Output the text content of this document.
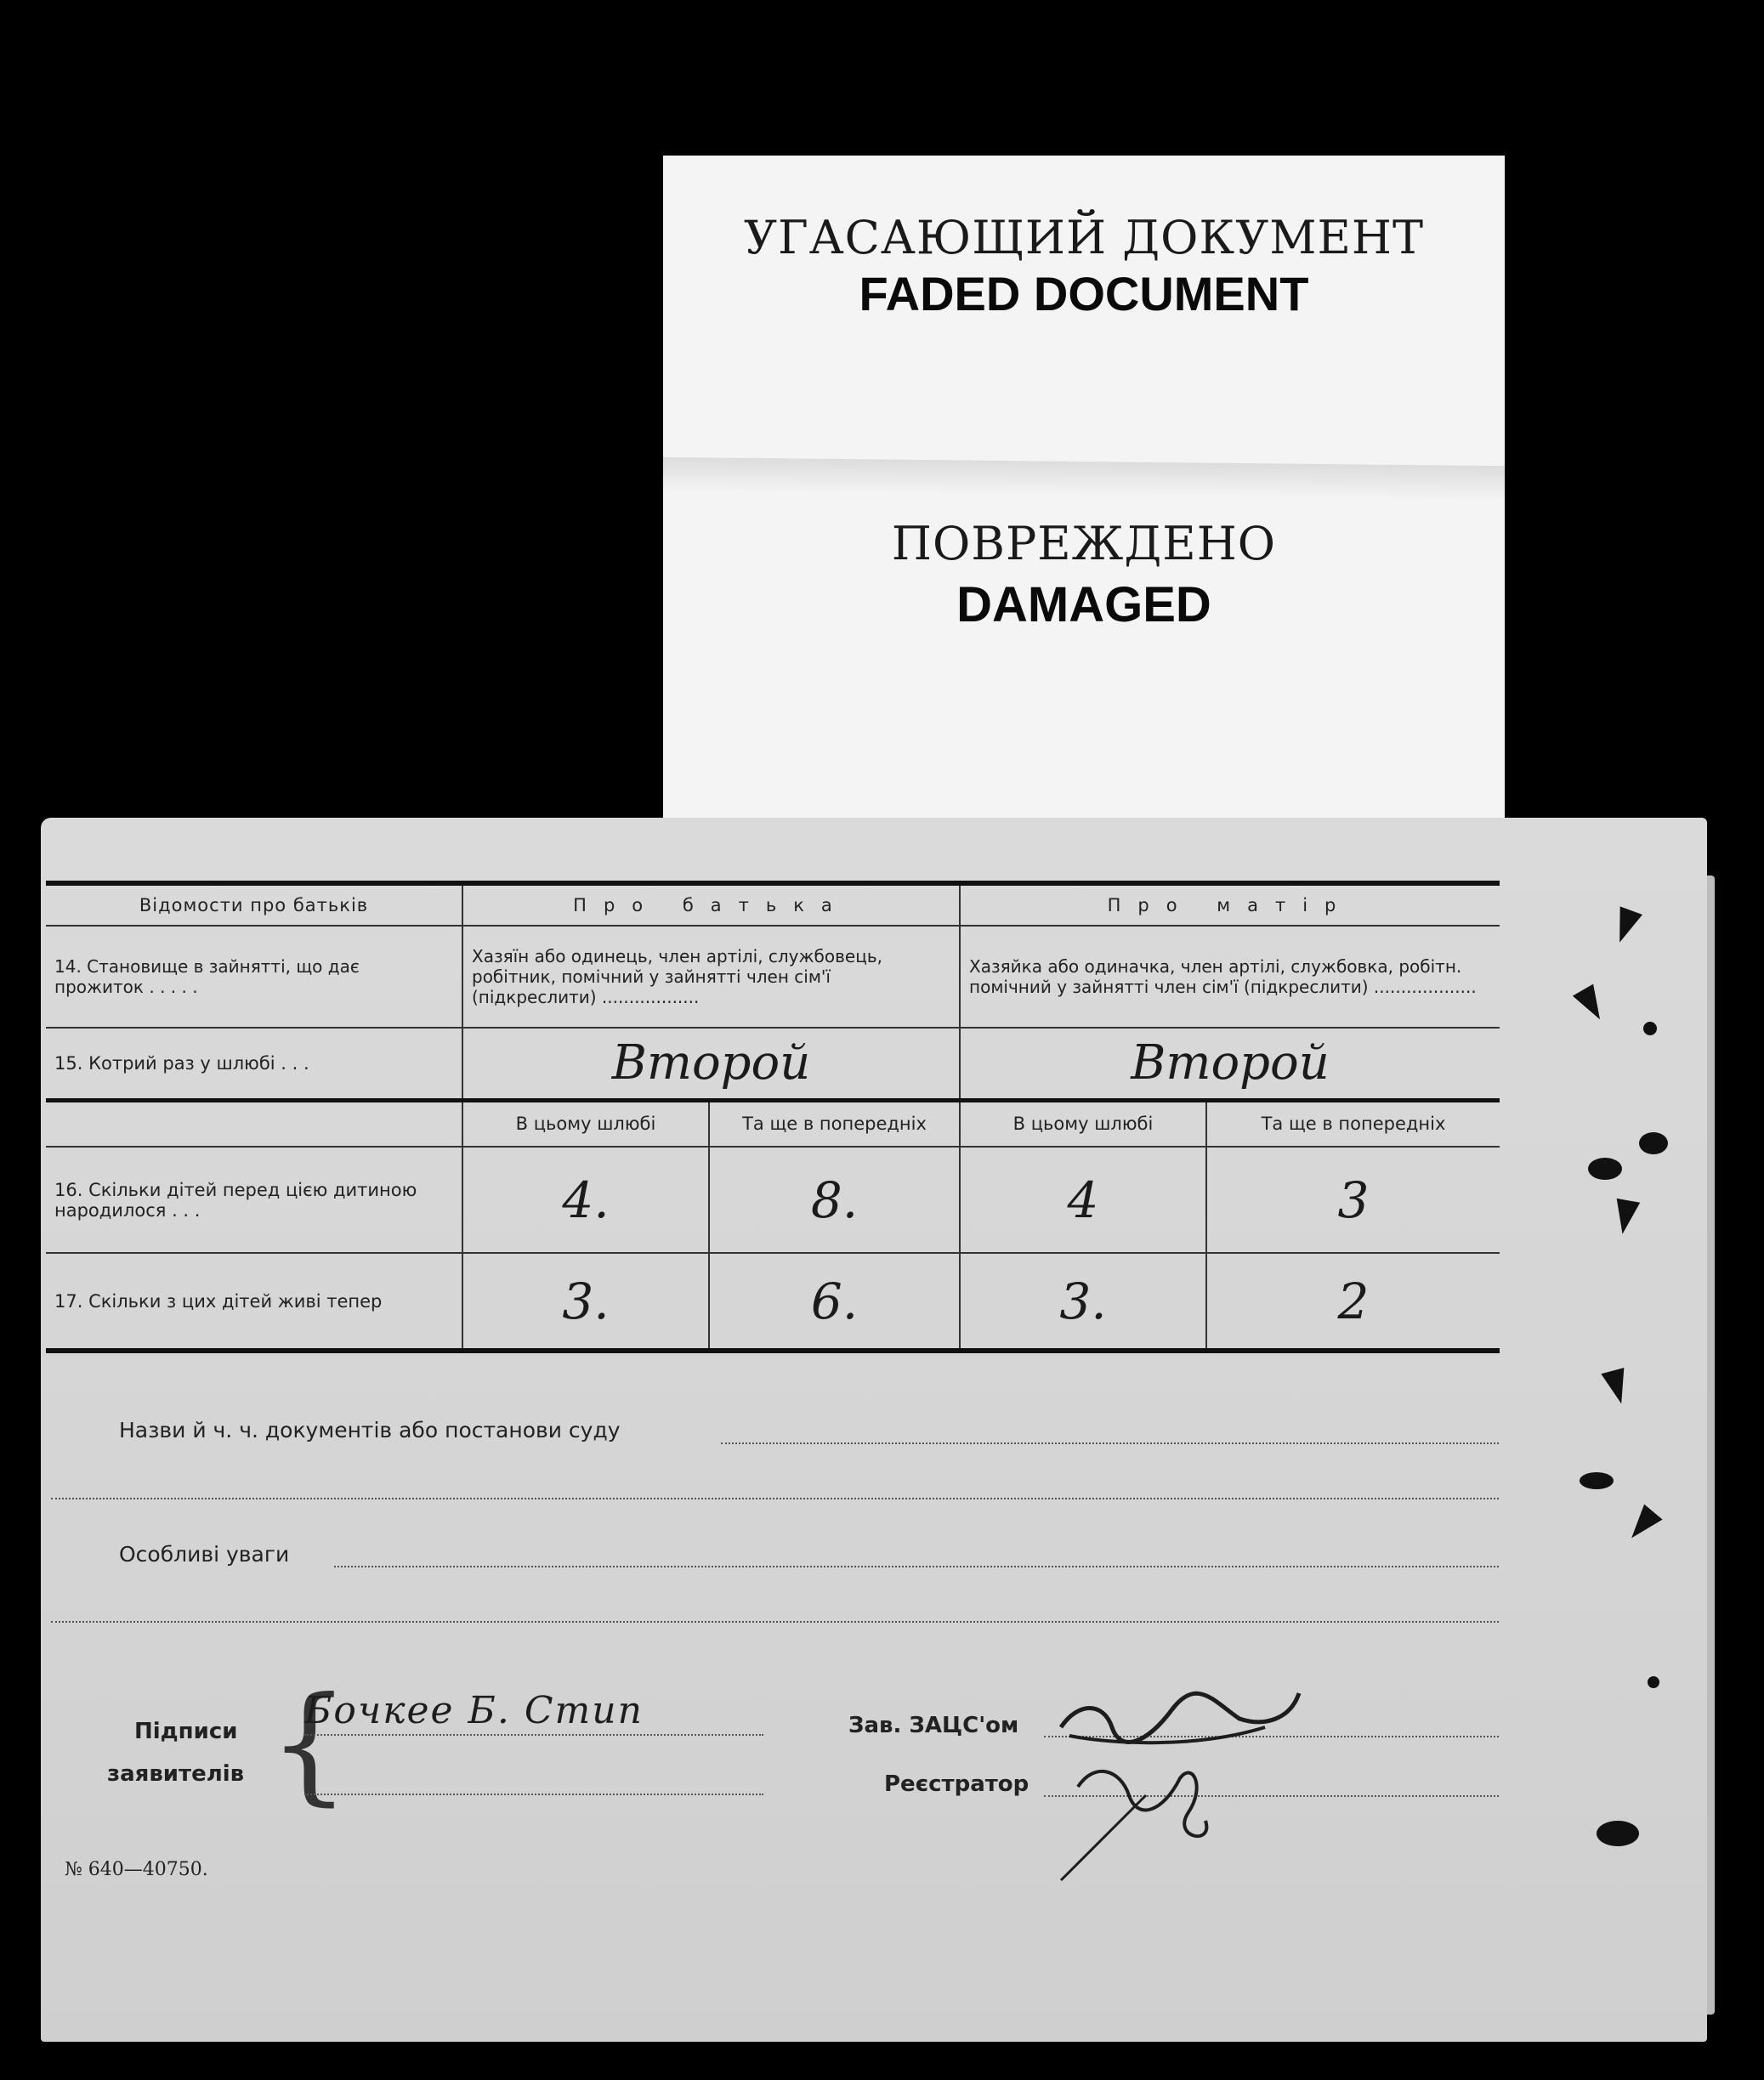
УГАСАЮЩИЙ ДОКУМЕНТ
FADED DOCUMENT
ПОВРЕЖДЕНО
DAMAGED
Відомости про батьків	Про батька		Про матір	
14. Становище в зайнятті, що дає прожиток . . . . .	Хазяїн або одинець, член артілі, службовець, робітник, помічний у зайнятті член сім'ї (підкреслити) ..................		Хазяйка або одиначка, член артілі, службовка, робітн. помічний у зайнятті член сім'ї (підкреслити) ...................	
15. Котрий раз у шлюбі . . .	Второй		Второй	
	В цьому шлюбі	Та ще в попередніх	В цьому шлюбі	Та ще в попередніх
16. Скільки дітей перед цією дитиною народилося . . .	4.	8.	4	3
17. Скільки з цих дітей живі тепер	3.	6.	3.	2
Назви й ч. ч. документів або постанови суду
Особливі уваги
Підписи
заявителів {
Бочкее Б. Стип	Зав. ЗАЦС'ом
Реєстратор
№ 640—40750.
